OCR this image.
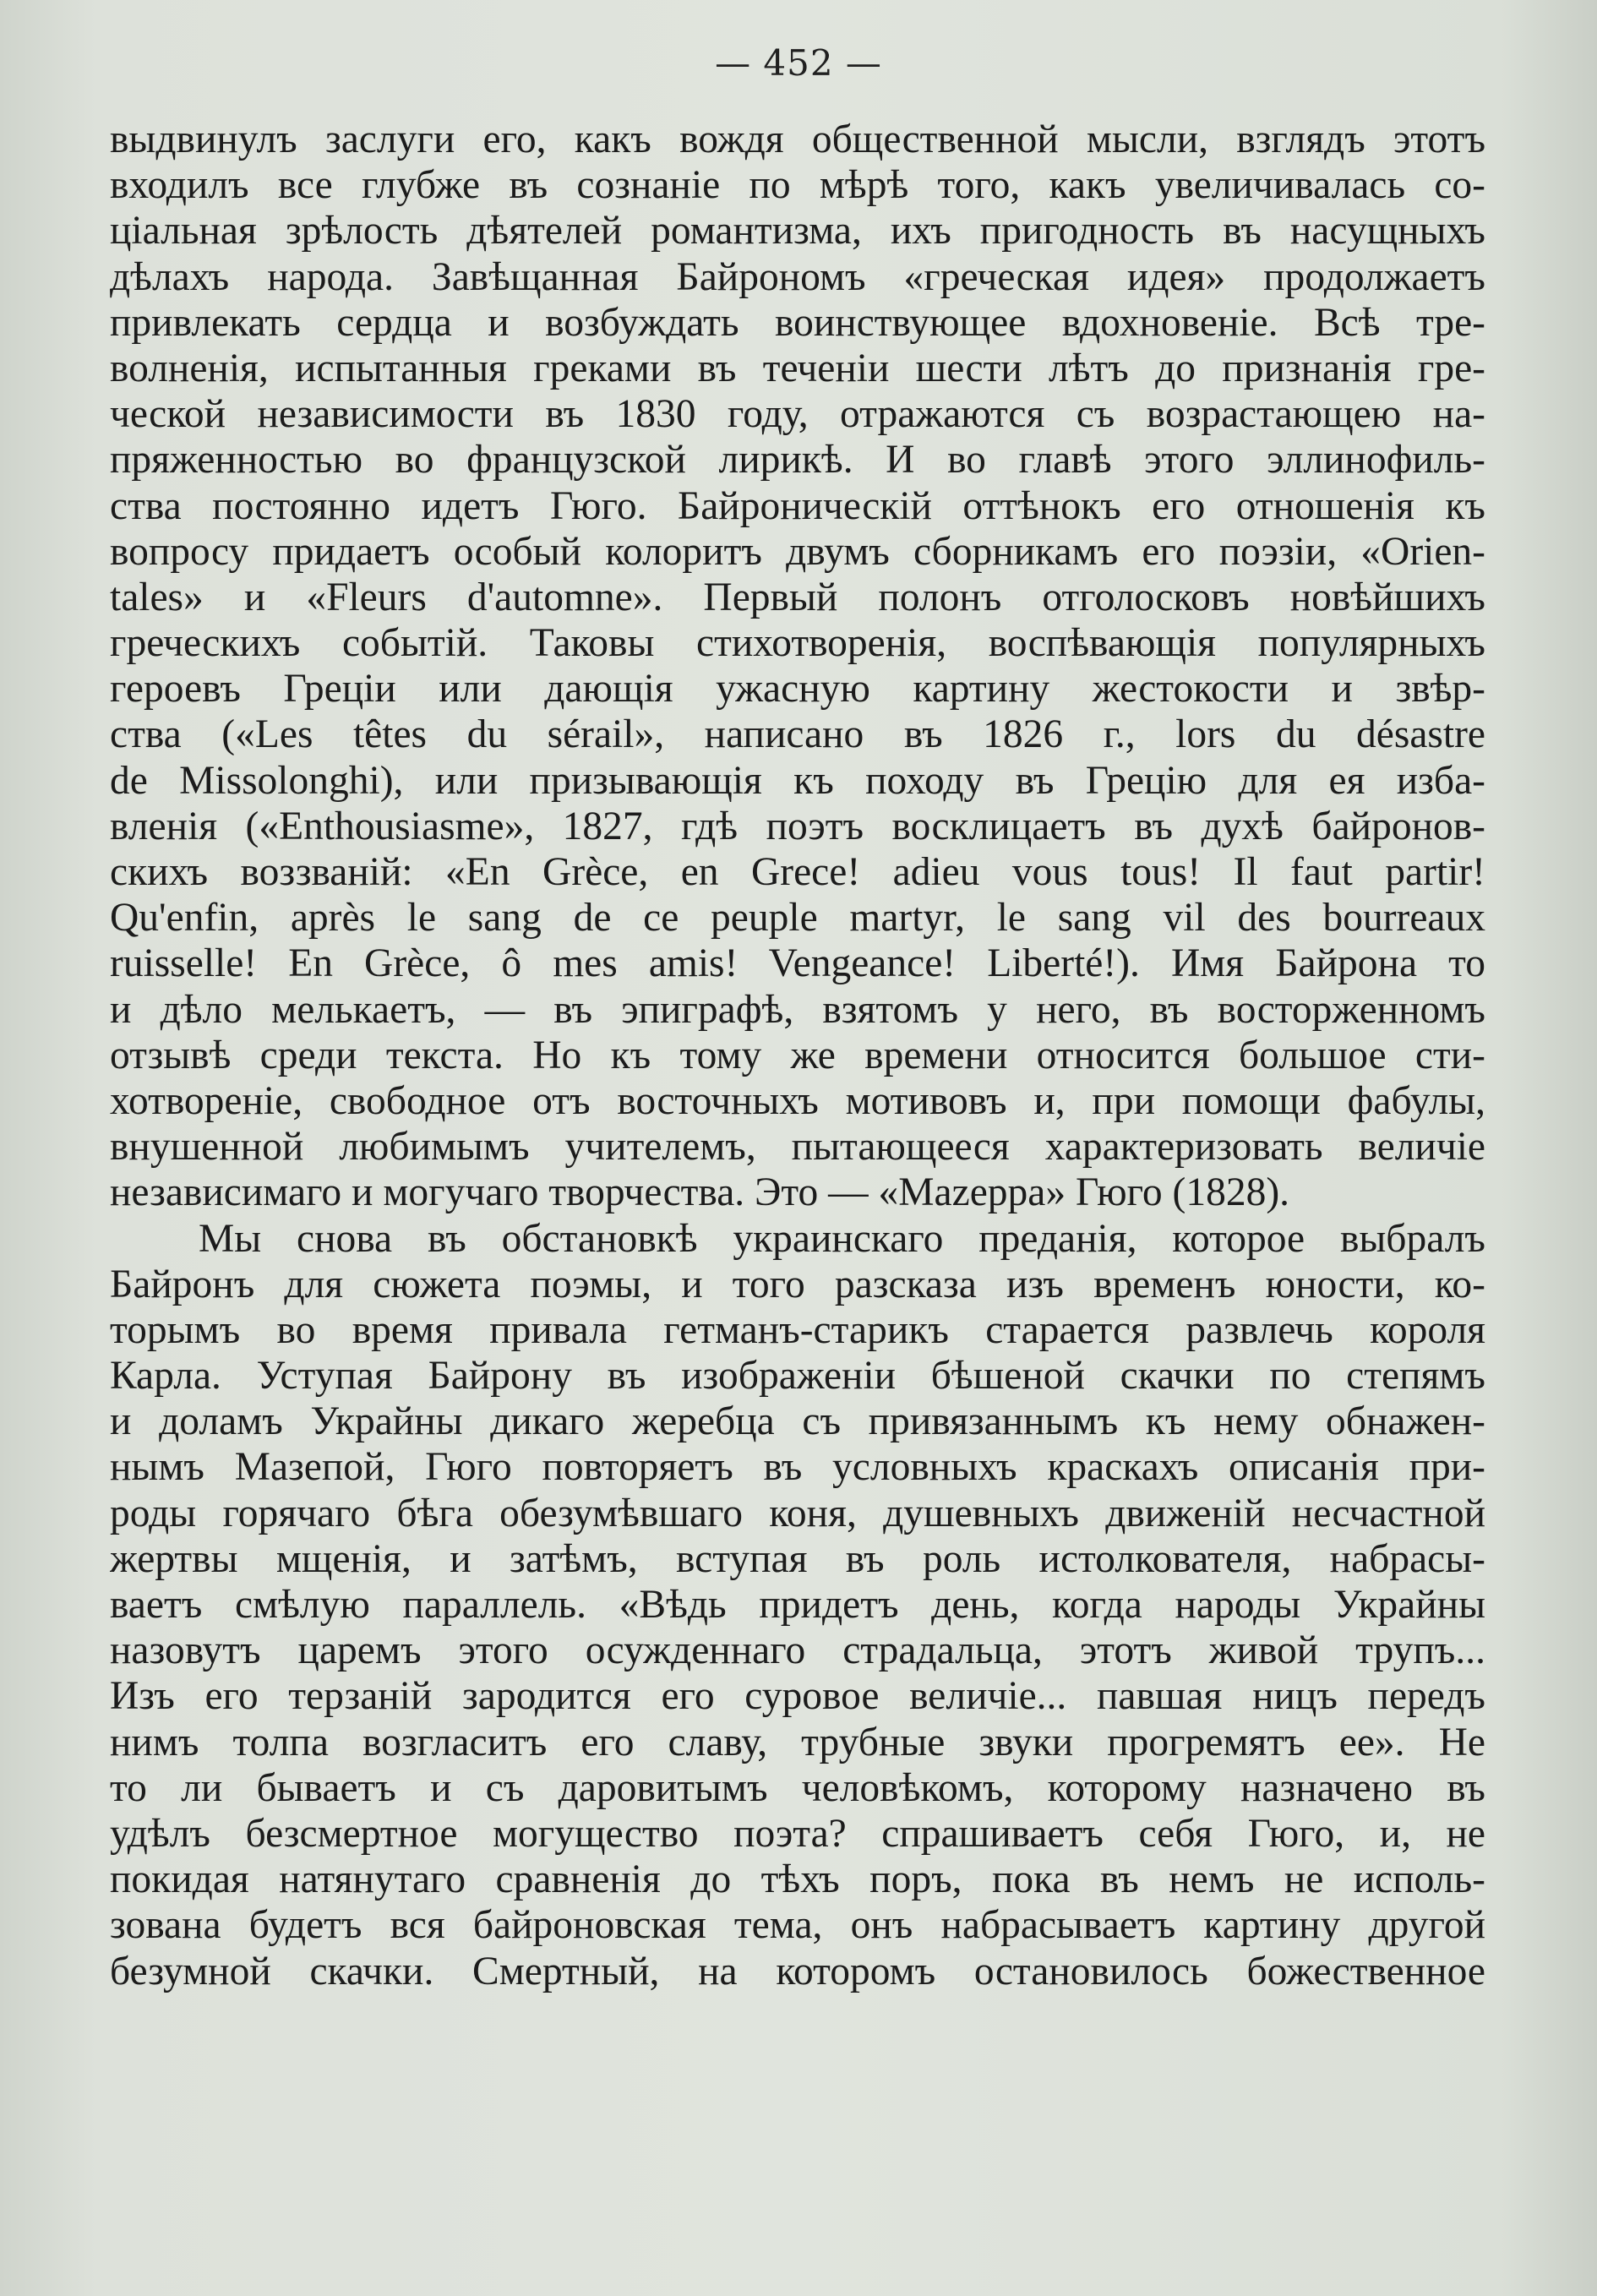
— 452 —
выдвинулъ заслуги его, какъ вождя общественной мысли, взглядъ этотъ
входилъ все глубже въ сознаніе по мѣрѣ того, какъ увеличивалась со-
ціальная зрѣлость дѣятелей романтизма, ихъ пригодность въ насущныхъ
дѣлахъ народа. Завѣщанная Байрономъ «греческая идея» продолжаетъ
привлекать сердца и возбуждать воинствующее вдохновеніе. Всѣ тре-
волненія, испытанныя греками въ теченіи шести лѣтъ до признанія гре-
ческой независимости въ 1830 году, отражаются съ возрастающею на-
пряженностью во французской лирикѣ. И во главѣ этого эллинофиль-
ства постоянно идетъ Гюго. Байроническій оттѣнокъ его отношенія къ
вопросу придаетъ особый колоритъ двумъ сборникамъ его поэзіи, «Orien-
tales» и «Fleurs d'automne». Первый полонъ отголосковъ новѣйшихъ
греческихъ событій. Таковы стихотворенія, воспѣвающія популярныхъ
героевъ Греціи или дающія ужасную картину жестокости и звѣр-
ства («Les têtes du sérail», написано въ 1826 г., lors du désastre
de Missolonghi), или призывающія къ походу въ Грецію для ея изба-
вленія («Enthousiasme», 1827, гдѣ поэтъ восклицаетъ въ духѣ байронов-
скихъ воззваній: «En Grèce, en Grece! adieu vous tous! Il faut partir!
Qu'enfin, après le sang de ce peuple martyr, le sang vil des bourreaux
ruisselle! En Grèce, ô mes amis! Vengeance! Liberté!). Имя Байрона то
и дѣло мелькаетъ, — въ эпиграфѣ, взятомъ у него, въ восторженномъ
отзывѣ среди текста. Но къ тому же времени относится большое сти-
хотвореніе, свободное отъ восточныхъ мотивовъ и, при помощи фабулы,
внушенной любимымъ учителемъ, пытающееся характеризовать величіе
независимаго и могучаго творчества. Это — «Mazeppa» Гюго (1828).
Мы снова въ обстановкѣ украинскаго преданія, которое выбралъ
Байронъ для сюжета поэмы, и того разсказа изъ временъ юности, ко-
торымъ во время привала гетманъ-старикъ старается развлечь короля
Карла. Уступая Байрону въ изображеніи бѣшеной скачки по степямъ
и доламъ Украйны дикаго жеребца съ привязаннымъ къ нему обнажен-
нымъ Мазепой, Гюго повторяетъ въ условныхъ краскахъ описанія при-
роды горячаго бѣга обезумѣвшаго коня, душевныхъ движеній несчастной
жертвы мщенія, и затѣмъ, вступая въ роль истолкователя, набрасы-
ваетъ смѣлую параллель. «Вѣдь придетъ день, когда народы Украйны
назовутъ царемъ этого осужденнаго страдальца, этотъ живой трупъ...
Изъ его терзаній зародится его суровое величіе... павшая ницъ передъ
нимъ толпа возгласитъ его славу, трубные звуки прогремятъ ее». Не
то ли бываетъ и съ даровитымъ человѣкомъ, которому назначено въ
удѣлъ безсмертное могущество поэта? спрашиваетъ себя Гюго, и, не
покидая натянутаго сравненія до тѣхъ поръ, пока въ немъ не исполь-
зована будетъ вся байроновская тема, онъ набрасываетъ картину другой
безумной скачки. Смертный, на которомъ остановилось божественное
